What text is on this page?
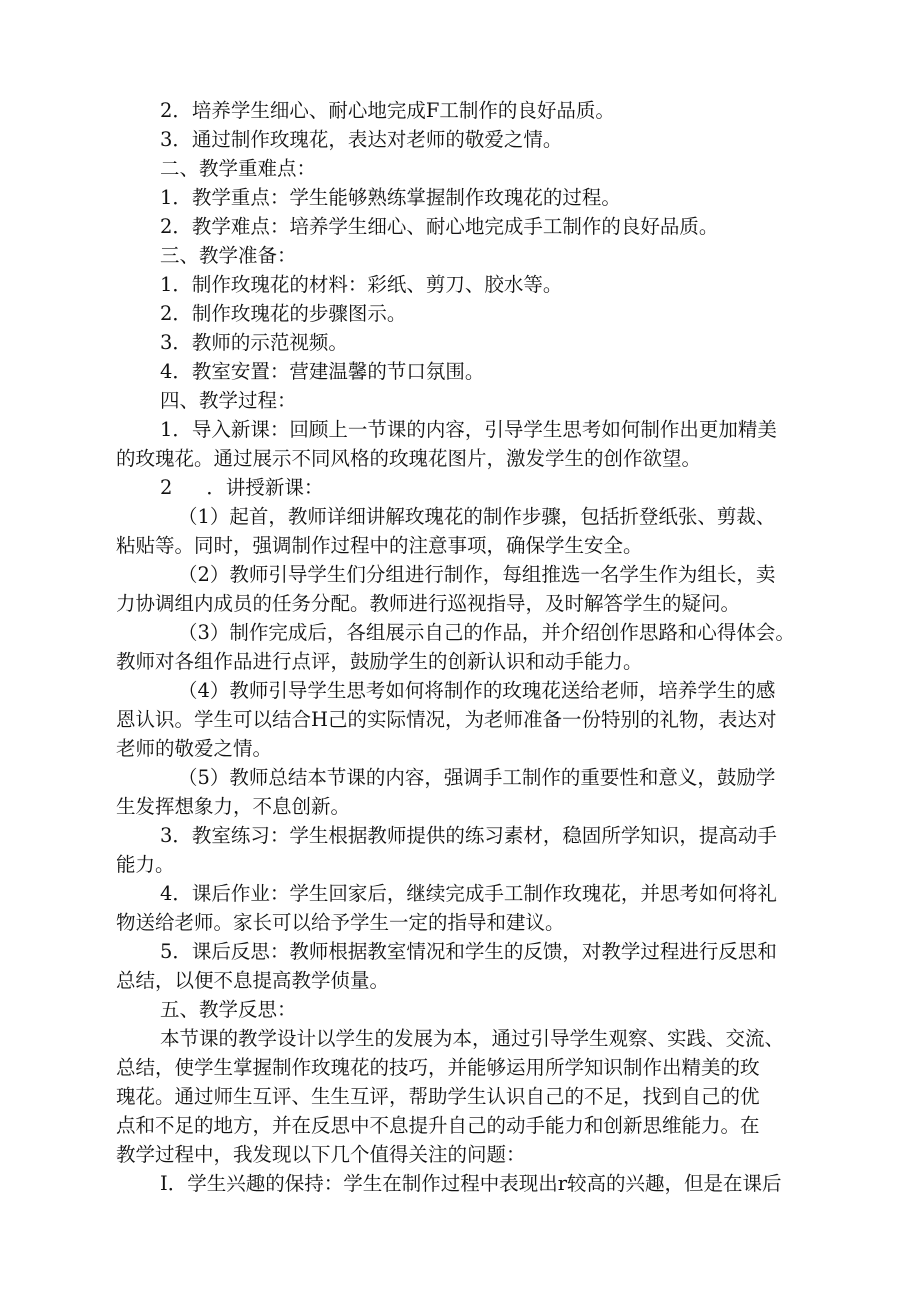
2．培养学生细心、耐心地完成F工制作的良好品质。
3．通过制作玫瑰花，表达对老师的敬爱之情。
二、教学重难点：
1．教学重点：学生能够熟练掌握制作玫瑰花的过程。
2．教学难点：培养学生细心、耐心地完成手工制作的良好品质。
三、教学准备：
1．制作玫瑰花的材料：彩纸、剪刀、胶水等。
2．制作玫瑰花的步骤图示。
3．教师的示范视频。
4．教室安置：营建温馨的节口氛围。
四、教学过程：
1．导入新课：回顾上一节课的内容，引导学生思考如何制作出更加精美
的玫瑰花。通过展示不同风格的玫瑰花图片，激发学生的创作欲望。
2 ．讲授新课：
（1）起首，教师详细讲解玫瑰花的制作步骤，包括折登纸张、剪裁、
粘贴等。同时，强调制作过程中的注意事项，确保学生安全。
（2）教师引导学生们分组进行制作，每组推选一名学生作为组长，卖
力协调组内成员的任务分配。教师进行巡视指导，及时解答学生的疑问。
（3）制作完成后，各组展示自己的作品，并介绍创作思路和心得体会。
教师对各组作品进行点评，鼓励学生的创新认识和动手能力。
（4）教师引导学生思考如何将制作的玫瑰花送给老师，培养学生的感
恩认识。学生可以结合H己的实际情况，为老师准备一份特别的礼物，表达对
老师的敬爱之情。
（5）教师总结本节课的内容，强调手工制作的重要性和意义，鼓励学
生发挥想象力，不息创新。
3．教室练习：学生根据教师提供的练习素材，稳固所学知识，提高动手
能力。
4．课后作业：学生回家后，继续完成手工制作玫瑰花，并思考如何将礼
物送给老师。家长可以给予学生一定的指导和建议。
5．课后反思：教师根据教室情况和学生的反馈，对教学过程进行反思和
总结，以便不息提高教学侦量。
五、教学反思：
本节课的教学设计以学生的发展为本，通过引导学生观察、实践、交流、
总结，使学生掌握制作玫瑰花的技巧，并能够运用所学知识制作出精美的玫
瑰花。通过师生互评、生生互评，帮助学生认识自己的不足，找到自己的优
点和不足的地方，并在反思中不息提升自己的动手能力和创新思维能力。在
教学过程中，我发现以下几个值得关注的问题：
I．学生兴趣的保持：学生在制作过程中表现出r较高的兴趣，但是在课后
